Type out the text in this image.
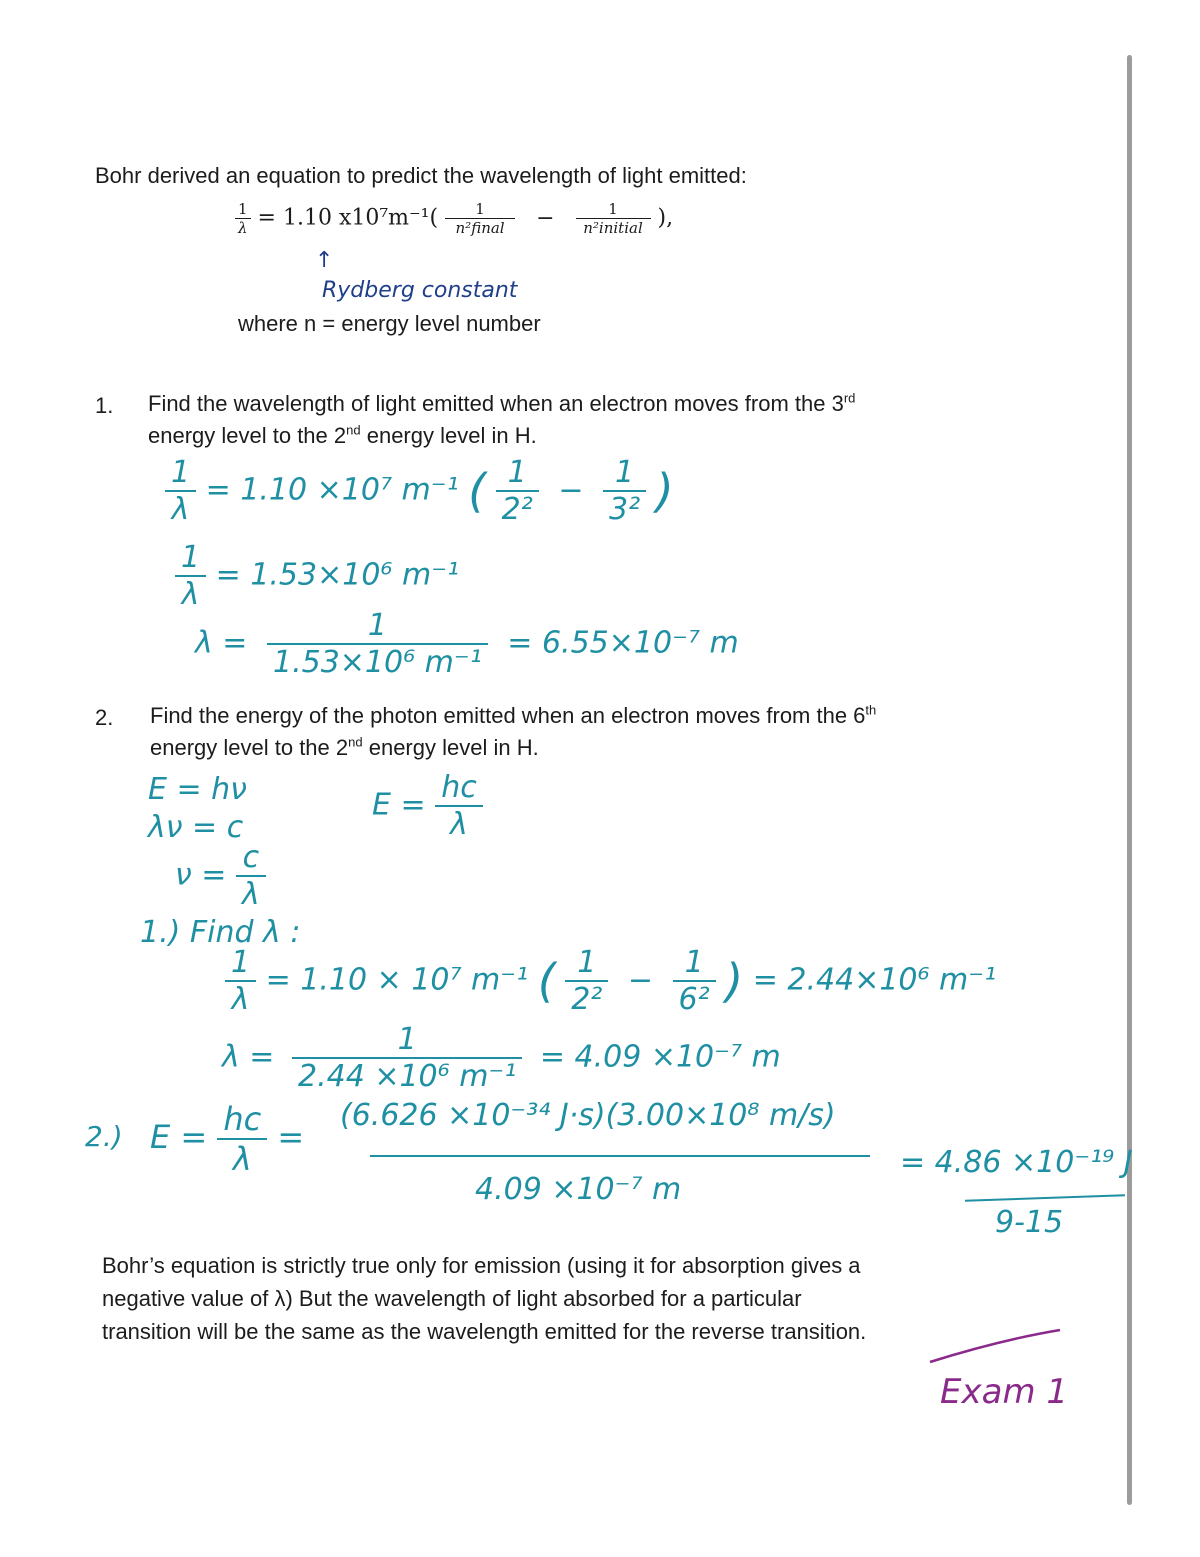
Bohr derived an equation to predict the wavelength of light emitted:
$\frac{1}{\lambda} = 1.10$ $x10^7m^{-1}( \frac{1}{\text{n²final}} - \frac{1}{\text{n²initial}}$ ),
↑
Rydberg constant
where n = energy level number
1. Find the wavelength of light emitted when an electron moves from the 3rd
energy level to the 2nd energy level in H.
$\frac{1}{\lambda} = 1.10 \times 10^7$ m⁻¹ ( $\frac{1}{\text{2²}} - \frac{1}{\text{3²}}$ )
$\frac{1}{\lambda} = 1.53\times 10^6$ m⁻¹
$\lambda = \frac{1}{\text{1.53×10⁶ m⁻¹}} = 6.55\times 10^{-7}$ m
2. Find the energy of the photon emitted when an electron moves from the 6th
energy level to the 2nd energy level in H.
E = hν
λν = c
$\nu = \frac{c}{\lambda}$
$E = \frac{hc}{\lambda}$
1.) Find λ :
$\frac{1}{\lambda} = 1.10 \times 10^7$ m⁻¹ ( $\frac{1}{\text{2²}} - \frac{1}{\text{6²}}$ ) = 2.44×10⁶ m⁻¹
$\lambda = \frac{1}{\text{2.44 ×10⁶ m⁻¹}} = 4.09 \times 10^{-7}$ m
2.) $E = \frac{hc}{\lambda}$ =
(6.626 ×10⁻³⁴ J·s)(3.00×10⁸ m/s)
4.09 ×10⁻⁷ m
= 4.86 ×10⁻¹⁹ J
9-15
Bohr’s equation is strictly true only for emission (using it for absorption gives a
negative value of λ) But the wavelength of light absorbed for a particular
transition will be the same as the wavelength emitted for the reverse transition.
Exam 1
